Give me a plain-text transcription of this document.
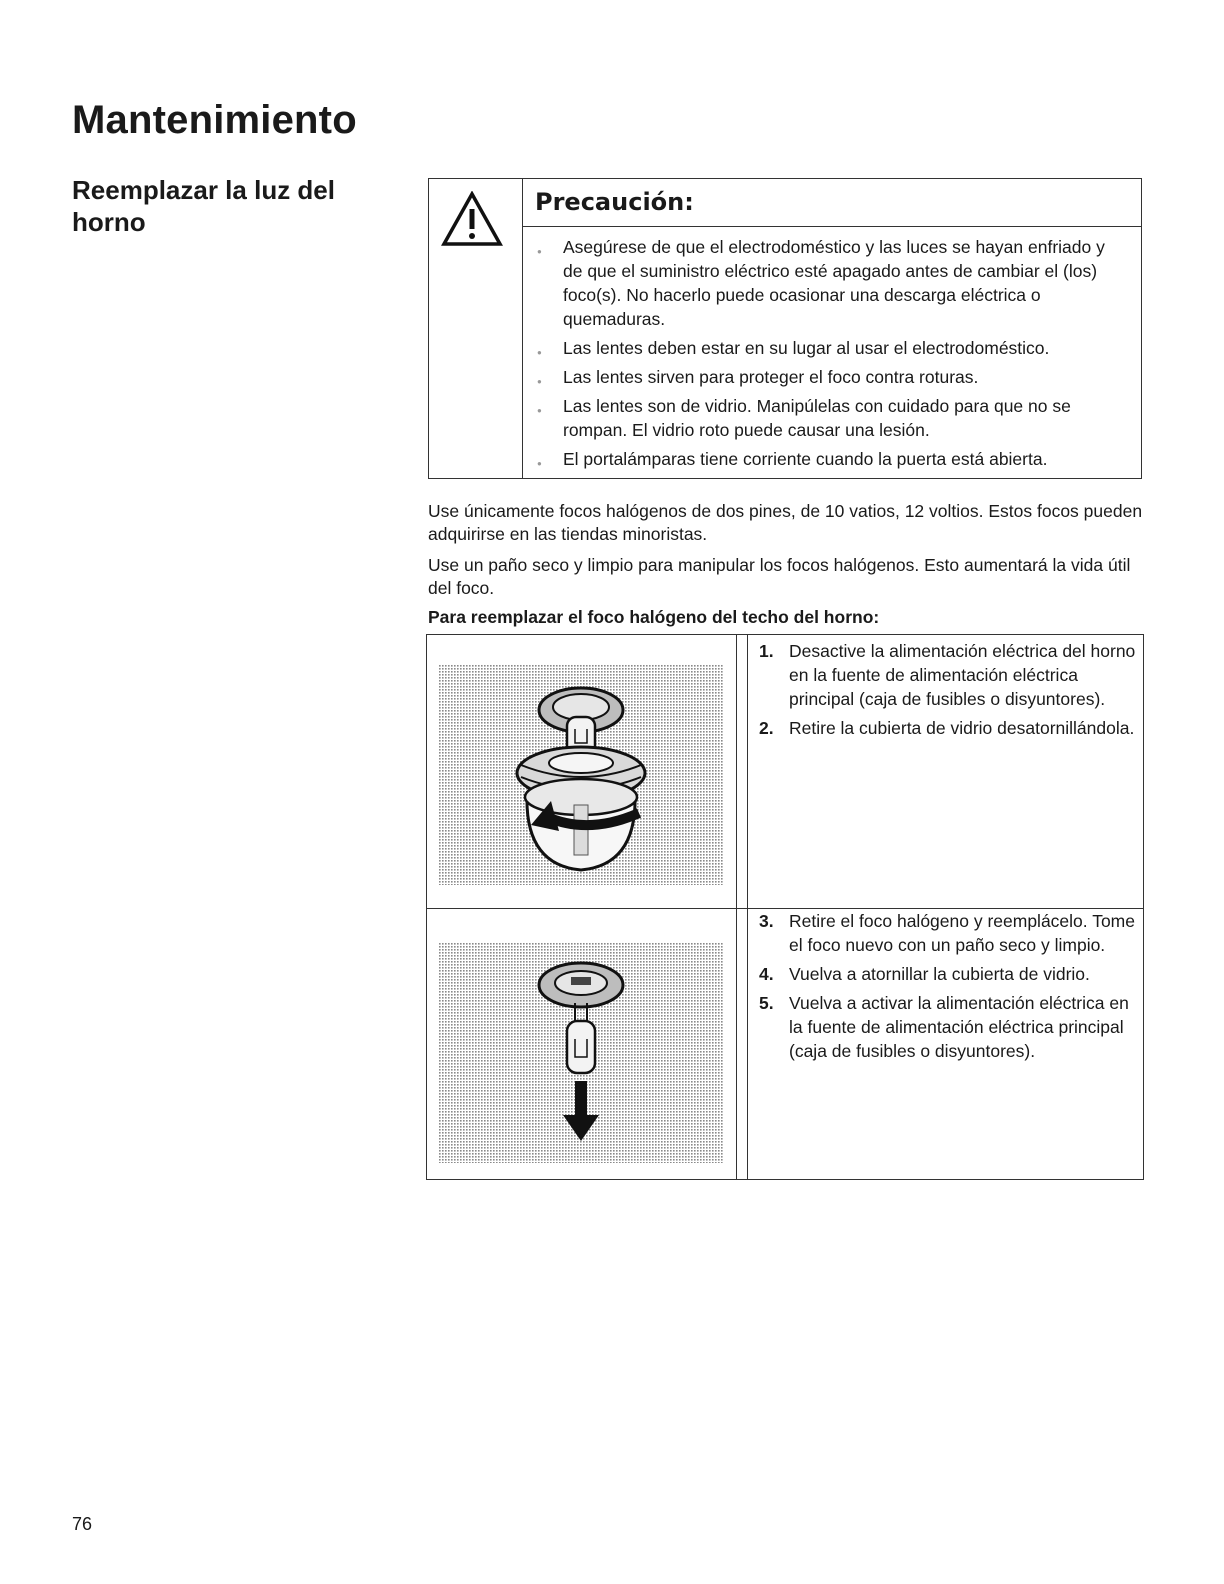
Mantenimiento
Reemplazar la luz del horno
Precaución:
● Asegúrese de que el electrodoméstico y las luces se hayan enfriado y de que el suministro eléctrico esté apagado antes de cambiar el (los) foco(s). No hacerlo puede ocasionar una descarga eléctrica o quemaduras.
● Las lentes deben estar en su lugar al usar el electrodoméstico.
● Las lentes sirven para proteger el foco contra roturas.
● Las lentes son de vidrio. Manipúlelas con cuidado para que no se rompan. El vidrio roto puede causar una lesión.
● El portalámparas tiene corriente cuando la puerta está abierta.

Use únicamente focos halógenos de dos pines, de 10 vatios, 12 voltios. Estos focos pueden adquirirse en las tiendas minoristas.

Use un paño seco y limpio para manipular los focos halógenos. Esto aumentará la vida útil del foco.

Para reemplazar el foco halógeno del techo del horno:

1. Desactive la alimentación eléctrica del horno en la fuente de alimentación eléctrica principal (caja de fusibles o disyuntores).
2. Retire la cubierta de vidrio desatornillándola.
3. Retire el foco halógeno y reemplácelo. Tome el foco nuevo con un paño seco y limpio.
4. Vuelva a atornillar la cubierta de vidrio.
5. Vuelva a activar la alimentación eléctrica en la fuente de alimentación eléctrica principal (caja de fusibles o disyuntores).
76
